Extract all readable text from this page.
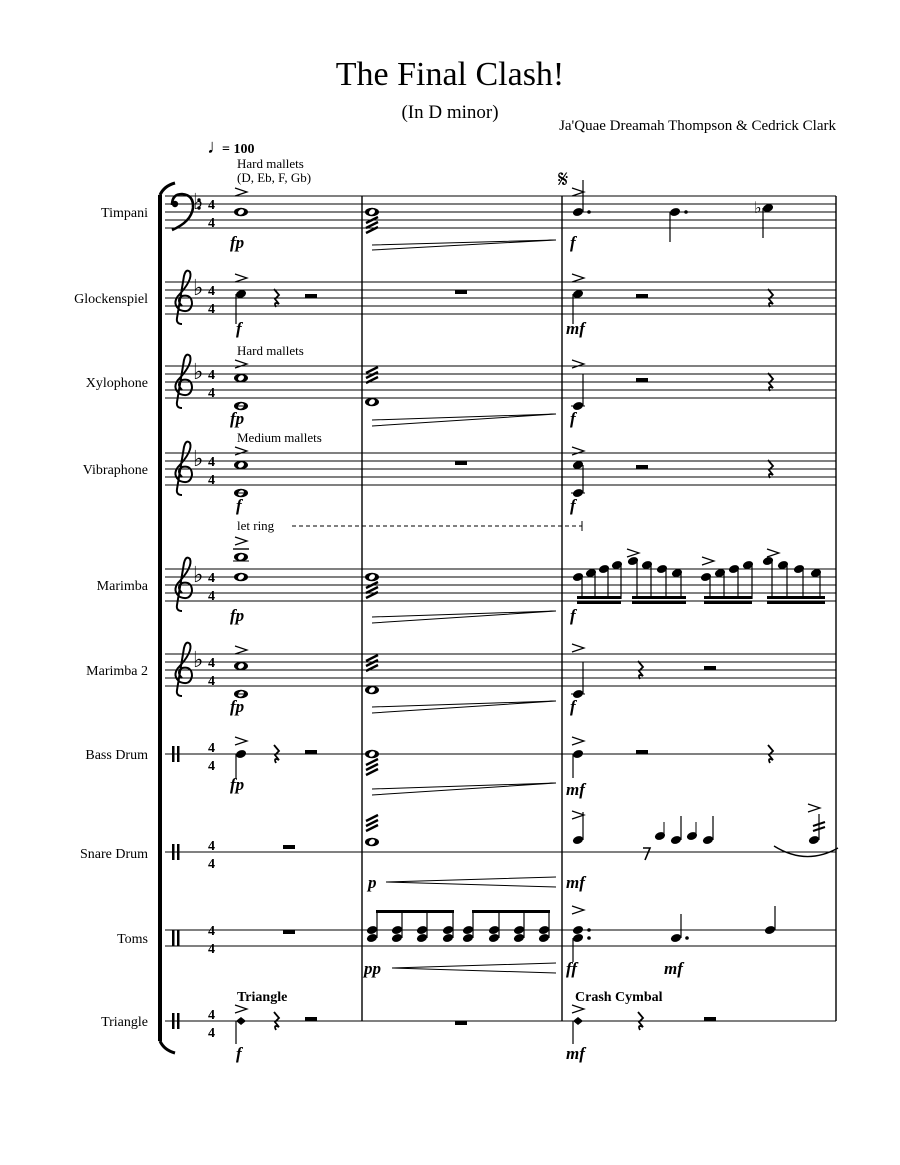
The Final Clash!
(In D minor)
Ja'Quae Dreamah Thompson & Cedrick Clark
♩
= 100
Hard mallets
(D, Eb, F, Gb)	𝄋
Timpani ♭ 4
4
fp	f
♭
Glockenspiel ♭ 4
4
f	mf
Hard mallets
Xylophone ♭ 4
4
fp	f
Medium mallets
Vibraphone ♭ 4
4
f	f
let ring
Marimba ♭ 4
4
fp	f
Marimba 2 ♭ 4
4
fp	f
Bass Drum	4
4
fp	mf
Snare Drum
4
4
p	mf
Toms
4
4
pp	ff	mf
Triangle	Crash Cymbal
Triangle	4
4
f	mf
